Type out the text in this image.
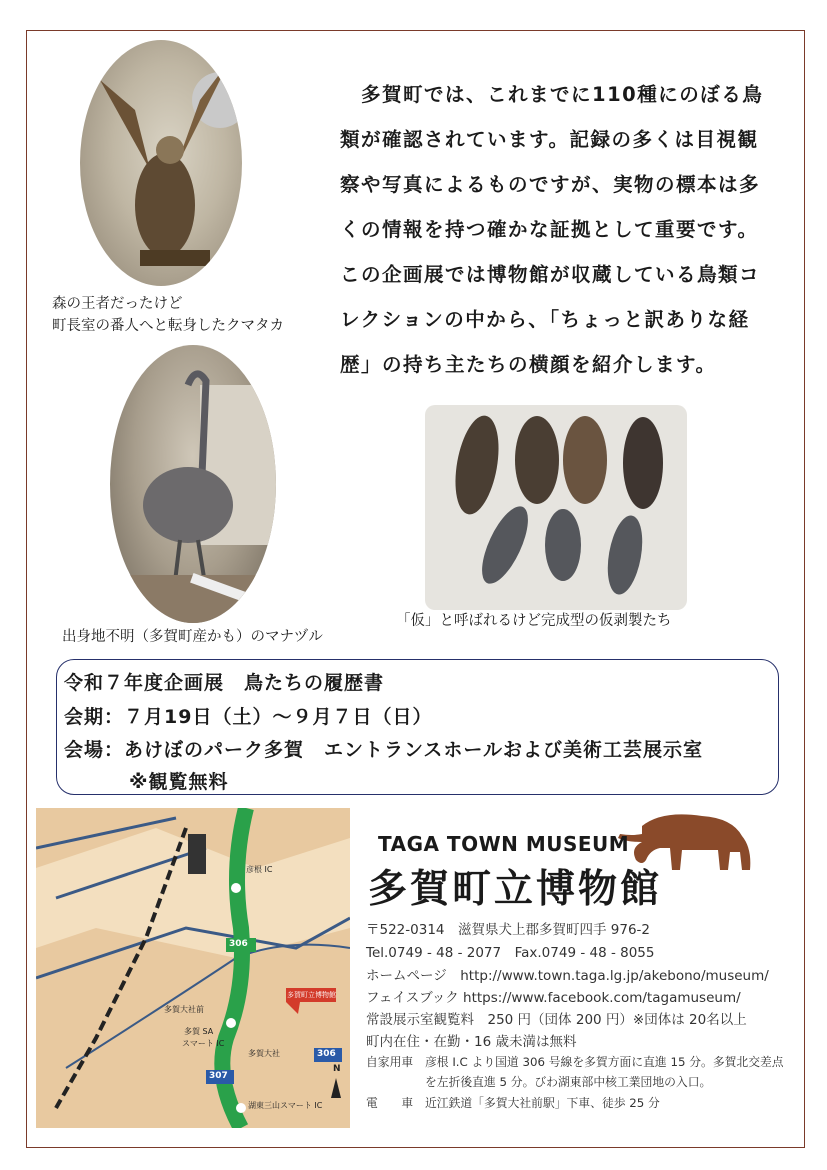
森の王者だったけど
町長室の番人へと転身したクマタカ

　多賀町では、これまでに110種にのぼる鳥

類が確認されています。記録の多くは目視観

察や写真によるものですが、実物の標本は多

くの情報を持つ確かな証拠として重要です。

この企画展では博物館が収蔵している鳥類コ

レクションの中から、「ちょっと訳ありな経

歴」の持ち主たちの横顔を紹介します。

出身地不明（多賀町産かも）のマナヅル
「仮」と呼ばれるけど完成型の仮剥製たち
令和７年度企画展　鳥たちの履歴書
会期：７月19日（土）～９月７日（日）
会場：あけぼのパーク多賀　エントランスホールおよび美術工芸展示室
※観覧無料
彦根 IC
多賀大社前
多賀 SA
スマート IC
多賀大社
湖東三山スマート IC
多賀町立博物館
306
306
307
N
TAGA TOWN MUSEUM
多賀町立博物館
〒522-0314　滋賀県犬上郡多賀町四手 976-2
Tel.0749 - 48 - 2077　Fax.0749 - 48 - 8055
ホームページ　http://www.town.taga.lg.jp/akebono/museum/
フェイスブック https://www.facebook.com/tagamuseum/
常設展示室観覧料　250 円（団体 200 円）※団体は 20名以上
町内在住・在勤・16 歳未満は無料
自家用車　彦根 I.C より国道 306 号線を多賀方面に直進 15 分。多賀北交差点
　　　　　を左折後直進 5 分。びわ湖東部中核工業団地の入口。
電　　車　近江鉄道「多賀大社前駅」下車、徒歩 25 分
